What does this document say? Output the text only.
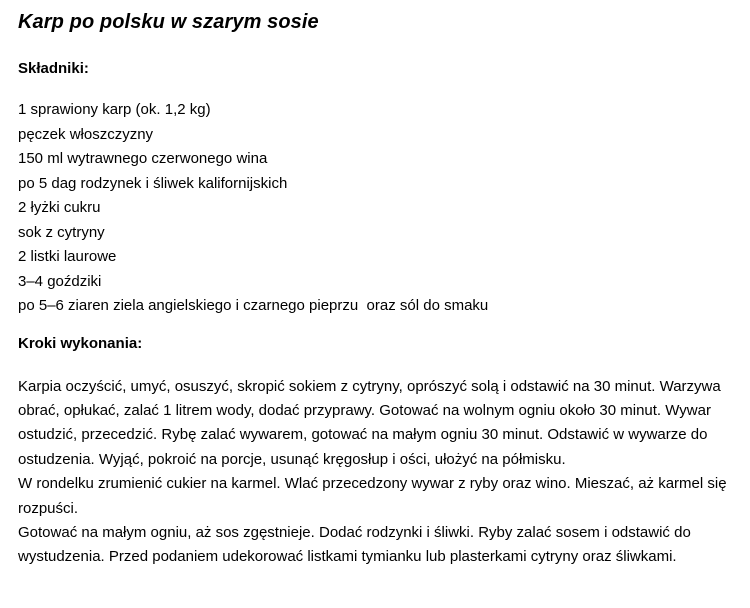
Karp po polsku w szarym sosie
Składniki:
1 sprawiony karp (ok. 1,2 kg)
pęczek włoszczyzny
150 ml wytrawnego czerwonego wina
po 5 dag rodzynek i śliwek kalifornijskich
2 łyżki cukru
sok z cytryny
2 listki laurowe
3–4 goździki
po 5–6 ziaren ziela angielskiego i czarnego pieprzu  oraz sól do smaku
Kroki wykonania:

Karpia oczyścić, umyć, osuszyć, skropić sokiem z cytryny, oprószyć solą i odstawić na 30 minut. Warzywa obrać, opłukać, zalać 1 litrem wody, dodać przyprawy. Gotować na wolnym ogniu około 30 minut. Wywar ostudzić, przecedzić. Rybę zalać wywarem, gotować na małym ogniu 30 minut. Odstawić w wywarze do ostudzenia. Wyjąć, pokroić na porcje, usunąć kręgosłup i ości, ułożyć na półmisku.

W rondelku zrumienić cukier na karmel. Wlać przecedzony wywar z ryby oraz wino. Mieszać, aż karmel się rozpuści.

Gotować na małym ogniu, aż sos zgęstnieje. Dodać rodzynki i śliwki. Ryby zalać sosem i odstawić do wystudzenia. Przed podaniem udekorować listkami tymianku lub plasterkami cytryny oraz śliwkami.
